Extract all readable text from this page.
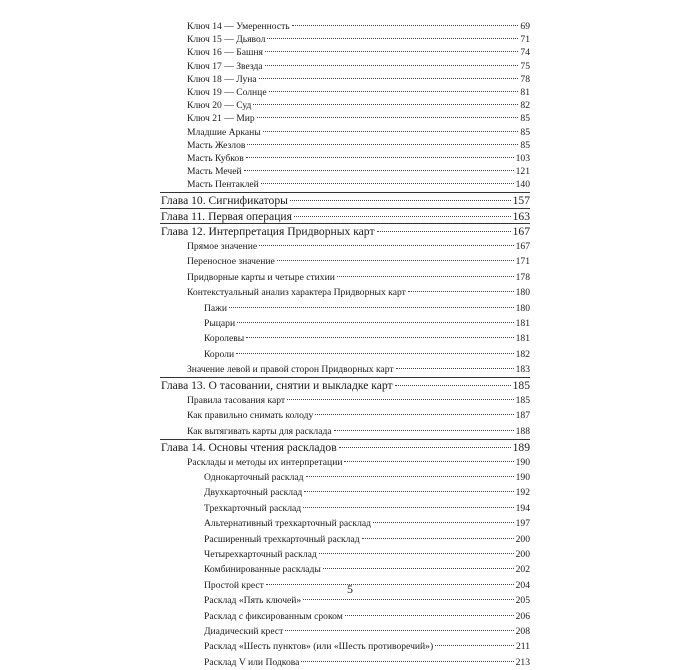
Ключ 14 — Умеренность	69
Ключ 15 — Дьявол	71
Ключ 16 — Башня	74
Ключ 17 — Звезда	75
Ключ 18 — Луна	78
Ключ 19 — Солнце	81
Ключ 20 — Суд	82
Ключ 21 — Мир	85
Младшие Арканы	85
Масть Жезлов	85
Масть Кубков	103
Масть Мечей	121
Масть Пентаклей	140
Глава 10. Сигнификаторы	157
Глава 11. Первая операция	163
Глава 12. Интерпретация Придворных карт	167
Прямое значение	167
Переносное значение	171
Придворные карты и четыре стихии	178
Контекстуальный анализ характера Придворных карт	180
Пажи	180
Рыцари	181
Королевы	181
Короли	182
Значение левой и правой сторон Придворных карт	183
Глава 13. О тасовании, снятии и выкладке карт	185
Правила тасования карт	185
Как правильно снимать колоду	187
Как вытягивать карты для расклада	188
Глава 14. Основы чтения раскладов	189
Расклады и методы их интерпретации	190
Однокарточный расклад	190
Двухкарточный расклад	192
Трехкарточный расклад	194
Альтернативный трехкарточный расклад	197
Расширенный трехкарточный расклад	200
Четырехкарточный расклад	200
Комбинированные расклады	202
Простой крест	204
Расклад «Пять ключей»	205
Расклад с фиксированным сроком	206
Диадический крест	208
Расклад «Шесть пунктов» (или «Шесть противоречий»)	211
Расклад V или Подкова	213
5
